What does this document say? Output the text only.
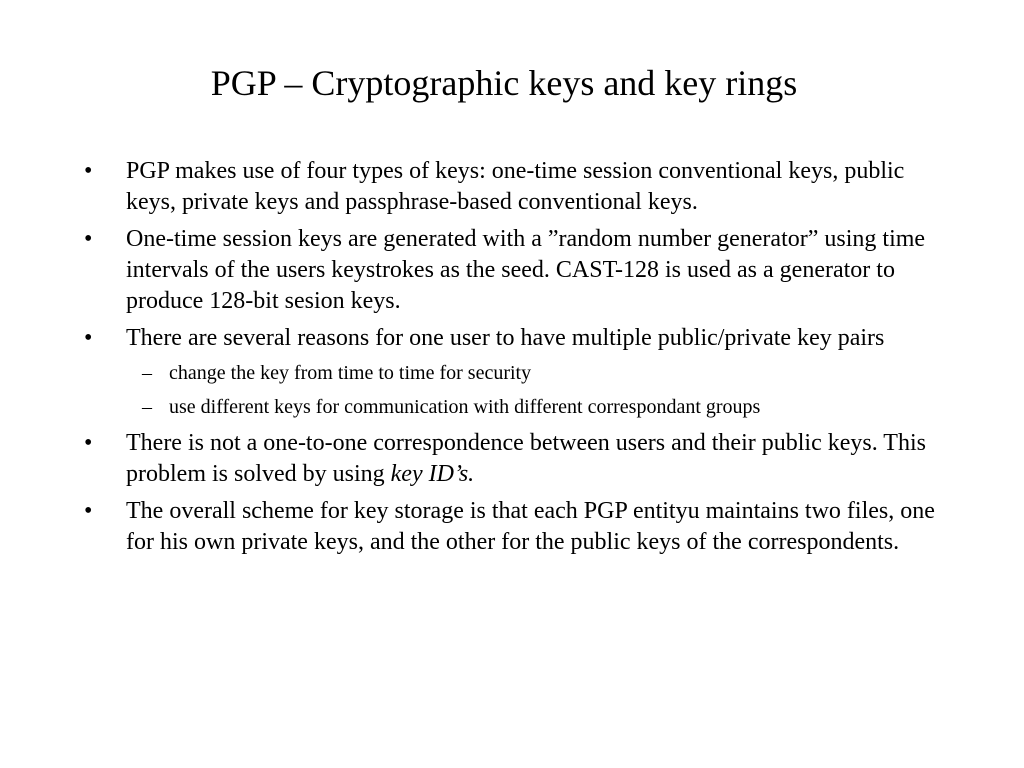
PGP – Cryptographic keys and key rings
•	PGP makes use of four types of keys: one-time session conventional keys, public keys, private keys and passphrase-based conventional keys.
•	One-time session keys are generated with a ”random number generator” using time intervals of the users keystrokes as the seed. CAST-128 is used as a generator to produce 128-bit sesion keys.
•	There are several reasons for one user to have multiple public/private key pairs
– change the key from time to time for security
– use different keys for communication with different correspondant groups
•	There is not a one-to-one correspondence between users and their public keys. This problem is solved by using key ID’s.
•	The overall scheme for key storage is that each PGP entityu maintains two files, one for his own private keys, and the other for the public keys of the correspondents.
